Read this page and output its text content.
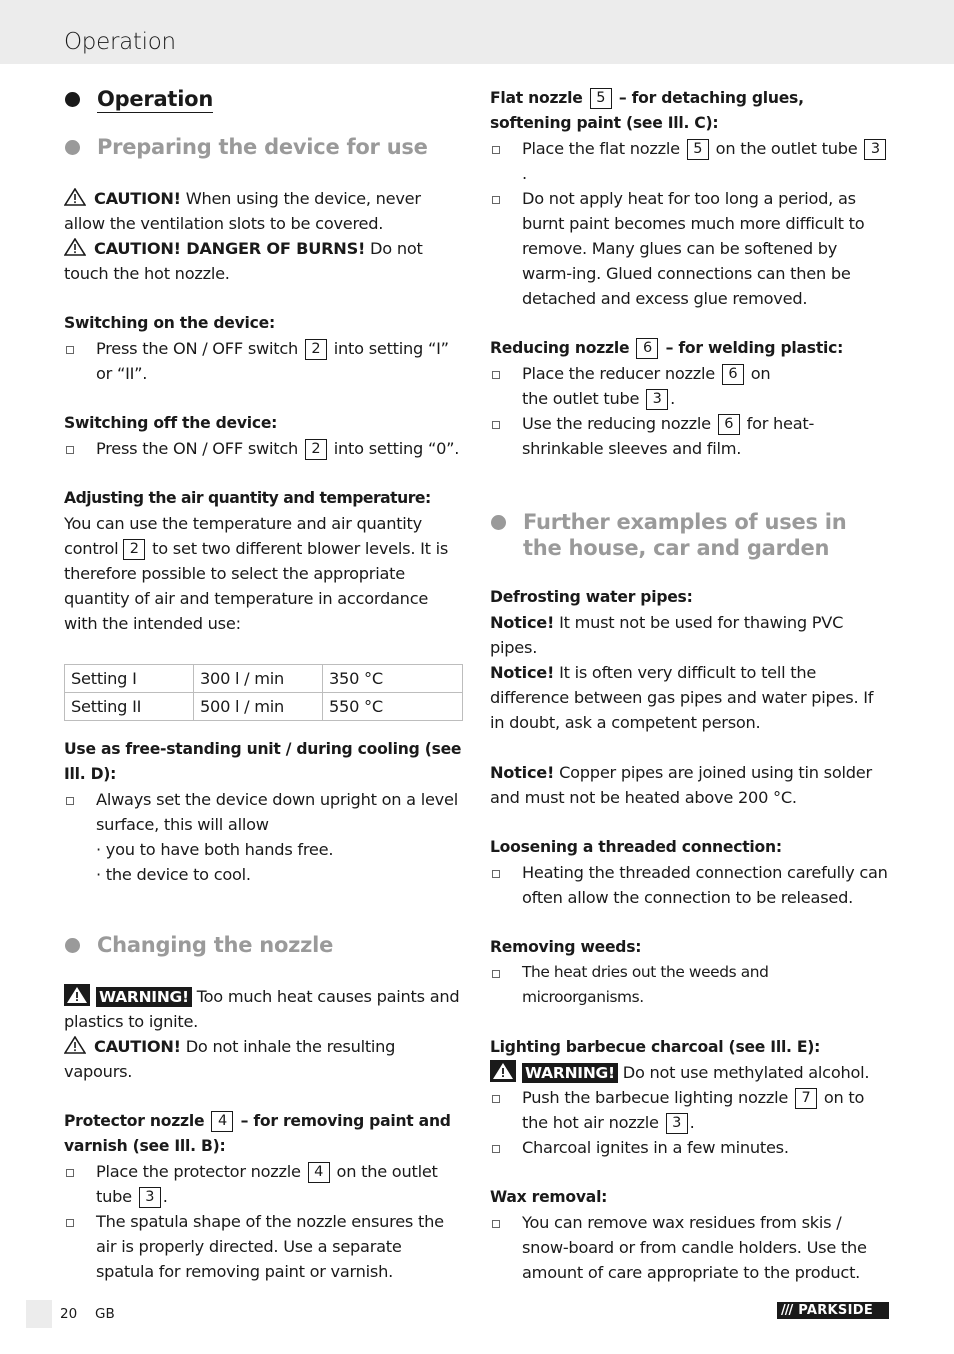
Operation
Operation
Preparing the device for use

CAUTION! When using the device, never allow the ventilation slots to be covered.

CAUTION! DANGER OF BURNS! Do not touch the hot nozzle.

Switching on the device:

Press the ON / OFF switch 2 into setting “I” or “II”.

Switching off the device:

Press the ON / OFF switch 2 into setting “0”.

Adjusting the air quantity and temperature:

You can use the temperature and air quantity control 2 to set two different blower levels. It is therefore possible to select the appropriate quantity of air and temperature in accordance with the intended use:

Setting I	300 l / min	350 °C
Setting II	500 l / min	550 °C

Use as free-standing unit / during cooling (see Ill. D):

Always set the device down upright on a level surface, this will allow

· you to have both hands free.

· the device to cool.

Changing the nozzle

WARNING! Too much heat causes paints and plastics to ignite.

CAUTION! Do not inhale the resulting vapours.

Protector nozzle 4 – for removing paint and varnish (see Ill. B):

Place the protector nozzle 4 on the outlet tube 3 .

The spatula shape of the nozzle ensures the air is properly directed. Use a separate spatula for removing paint or varnish.

Flat nozzle 5 – for detaching glues, softening paint (see Ill. C):

Place the flat nozzle 5 on the outlet tube 3.

Do not apply heat for too long a period, as burnt paint becomes much more difficult to remove. Many glues can be softened by warm-ing. Glued connections can then be detached and excess glue removed.

Reducing nozzle 6 – for welding plastic:

Place the reducer nozzle 6 on the outlet tube 3 .

Use the reducing nozzle 6 for heat-shrinkable sleeves and film.

Further examples of uses in the house, car and garden

Defrosting water pipes:

Notice! It must not be used for thawing PVC pipes.

Notice! It is often very difficult to tell the difference between gas pipes and water pipes. If in doubt, ask a competent person.

Notice! Copper pipes are joined using tin solder and must not be heated above 200 °C.

Loosening a threaded connection:

Heating the threaded connection carefully can often allow the connection to be released.

Removing weeds:

The heat dries out the weeds and microorganisms.

Lighting barbecue charcoal (see Ill. E):

WARNING! Do not use methylated alcohol.

Push the barbecue lighting nozzle 7 on to the hot air nozzle 3 .

Charcoal ignites in a few minutes.

Wax removal:

You can remove wax residues from skis / snow-board or from candle holders. Use the amount of care appropriate to the product.

20 GB	/// PARKSIDE
